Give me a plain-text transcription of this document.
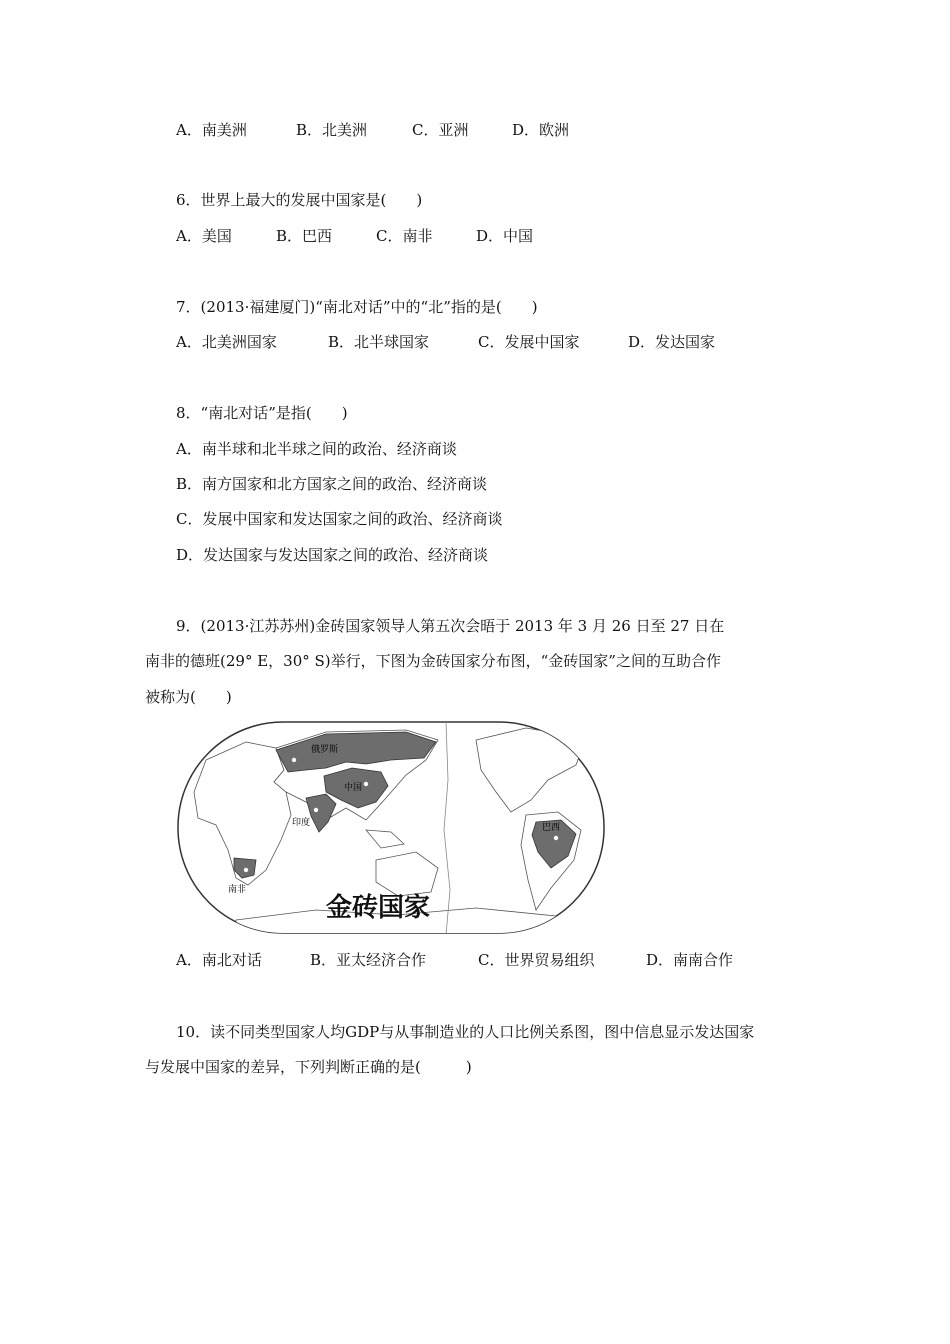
A．南美洲	B．北美洲	C．亚洲	D．欧洲
6．世界上最大的发展中国家是(　　)
A．美国	B．巴西	C．南非	D．中国
7．(2013·福建厦门)“南北对话”中的“北”指的是(　　)
A．北美洲国家	B．北半球国家	C．发展中国家	D．发达国家
8．“南北对话”是指(　　)
A．南半球和北半球之间的政治、经济商谈
B．南方国家和北方国家之间的政治、经济商谈
C．发展中国家和发达国家之间的政治、经济商谈
D．发达国家与发达国家之间的政治、经济商谈
9．(2013·江苏苏州)金砖国家领导人第五次会晤于 2013 年 3 月 26 日至 27 日在
南非的德班(29° E，30° S)举行，下图为金砖国家分布图，“金砖国家”之间的互助合作
被称为(　　)
俄罗斯
中国
印度	巴西
南非
金砖国家
A．南北对话	B．亚太经济合作	C．世界贸易组织	D．南南合作
10．读不同类型国家人均GDP与从事制造业的人口比例关系图，图中信息显示发达国家
与发展中国家的差异，下列判断正确的是(　　　)
